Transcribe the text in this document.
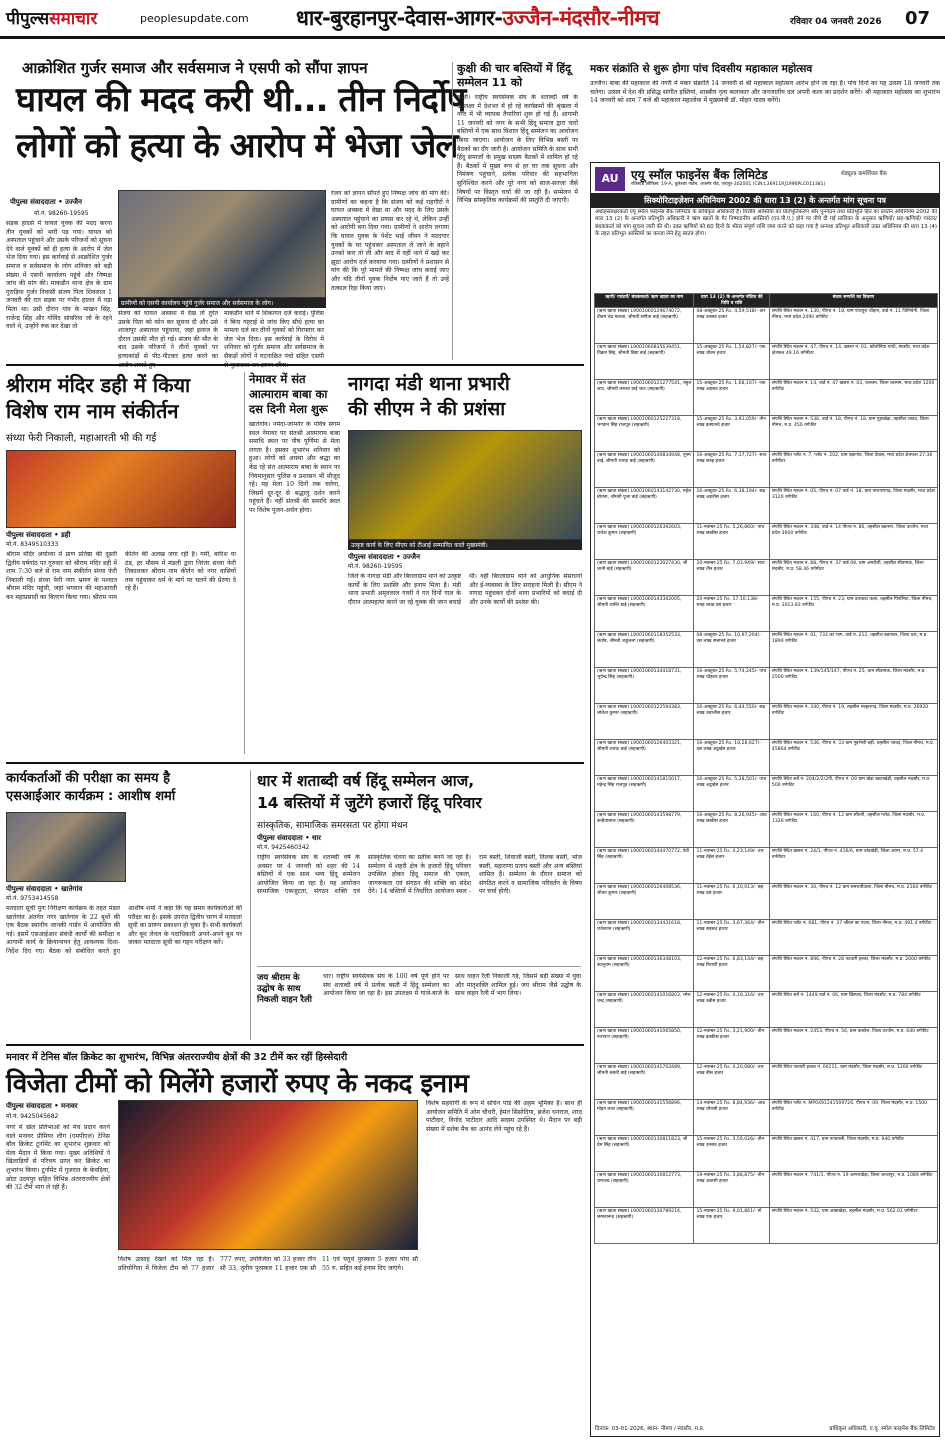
पीपुल्ससमाचार	peoplesupdate.com धार-बुरहानपुर-देवास-आगर-उज्जैन-मंदसौर-नीमच	रविवार 04 जनवरी 2026 07
आक्रोशित गुर्जर समाज और सर्वसमाज ने एसपी को सौंपा ज्ञापन
घायल की मदद करी थी... तीन निर्दोष
लोगों को हत्या के आरोप में भेजा जेल
पीपुल्स संवाददाता • उज्जैन
मो.नं. 98260-19595
ग्रामीणों को एसपी कार्यालय पहुंचे गुर्जर समाज और सर्वसमाज के लोग।
सड़क हादसे में घायल युवक की मदद करना तीन युवकों को भारी पड़ गया। घायल को अस्पताल पहुंचाने और उसके परिजनों को सूचना देने वाले युवकों को ही हत्या के आरोप में जेल भेज दिया गया। इस कार्रवाई से आक्रोशित गुर्जर समाज व सर्वसमाज के लोग शनिवार को बड़ी संख्या में एसपी कार्यालय पहुंचे और निष्पक्ष जांच की मांग की। माकडौन थाना क्षेत्र के ग्राम गुराड़िया गुर्जर निवासी संजय पिता शिवलाल 1 जनवरी की रात सड़क पर गंभीर हालत में पड़ा मिला था। उसी दौरान गांव के माखन सिंह, राजेन्द्र सिंह और गोविंद सांवरिया जो के रहने वाले थे, उन्होंने रुक कर देखा तो
संजय को घायल अवस्था में देख तो तुरंत उसके पिता को फोन कर सूचना दी और उसे शाजापुर अस्पताल पहुंचाया, जहां इलाज के दौरान उसकी मौत हो गई। संजय की मौत के बाद उसके परिजनों ने तीनों युवकों पर हत्याकांड़ों से पीट-पीटकर हत्या करने का
माकडौन थाने में शिकायत दर्ज कराई। पुलिस ने बिना गहराई से जांच किए सीधे हत्या का मामला दर्ज कर तीनों युवकों को गिरफ्तार कर जेल भेज दिया। इस कार्रवाई के विरोध में शनिवार को गुर्जर समाज और सर्वसमाज के सैकड़ों लोगों ने घटनाक्रित पंचो सहित एसपी
रंजन को ज्ञापन सौंपते हुए निष्पक्ष जांच की मांग की। ग्रामीणों का कहना है कि संजय को कई राहगीरों ने घायल अवस्था में देखा था और मदद के लिए उसके अस्पताल पहुंचाने का प्रयास कर रहे थे, लेकिन उन्हीं को आरोपी बना दिया गया। ग्रामीणों ने आरोप लगाया कि घायल युवक के पेशेंट भाई जीवन ने मददगार युवकों के घर पहुंचकर अस्पताल ले जाने के बहाने उनको कार तो ली और बाद में वहीं थाने में खड़े कर झूठा आरोप दर्ज करवाया गया। ग्रामीणों ने प्रशासन से मांग की कि पूरे मामले की निष्पक्ष जांच कराई जाए और यदि तीनों युवक निर्दोष पाए जाते हैं तो उन्हें तत्काल रिहा किया जाए।
कुक्षी की चार बस्तियों में हिंदू सम्मेलन 11 को
कुक्षी। राष्ट्रीय स्वयंसेवक संघ के शताब्दी वर्ष के उपलक्ष्य में देशभर में हो रहे कार्यक्रमों की श्रृंखला में नगर में भी व्यापक तैयारियां शुरू हो गई हैं। आगामी 11 जनवरी को नगर के सभी हिंदू समाज द्वारा चारों बस्तियों में एक साथ विशाल हिंदू सम्मेलन का आयोजन किया जाएगा। आयोजन के लिए विभिन्न बस्ती पर बैठकों का दौर जारी है। आयोजन समिति के साथ सभी हिंदू समाजों के प्रमुख सदस्य बैठकों में शामिल हो रहे हैं। बैठकों में मुख्य रूप से हर घर तक सूचना और निमंत्रण पहुंचाने, प्रत्येक परिवार की सहभागिता सुनिश्चित करने और पूरे नगर को साज-सज्जा जैसे विषयों पर विस्तृत चर्चा की जा रही है। सम्मेलन में विभिन्न सांस्कृतिक कार्यक्रमों की प्रस्तुति दी जाएगी।
मकर संक्रांति से शुरू होगा पांच दिवसीय महाकाल महोत्सव
उज्जैन। बाबा की महाकाल की नगरी में मकर संक्रांति 14 जनवरी से श्री महाकाल महोत्सव आरंभ होने जा रहा है। पांच दिनों का यह उत्सव 18 जनवरी तक चलेगा। उत्सव में देश की प्रसिद्ध सांगीत हस्तियां, शास्त्रीय नृत्य कलाकार और जनजातीय दल अपनी कला का प्रदर्शन करेंगे। श्री महाकाल महोत्सव का शुभारंभ 14 जनवरी को शाम 7 बजे श्री महाकाल महालोक में मुख्यमंत्री डॉ. मोहन यादव करेंगे।
AU	एयू स्मॉल फाइनेंस बैंक लिमिटेड	शेड्यूल्ड कमर्शियल बैंक
रजिस्टर्ड ऑफिस: 19-A, धुलेश्वर गार्डन, अजमेर रोड, जयपुर-302001 (CIN:L36911RJ1996PLC011381)
सिक्योरिटाइज़ेशन अधिनियम 2002 की धारा 13 (2) के अन्तर्गत मांग सूचना पत्र
अधोहस्ताक्षरकर्ता एयू स्मॉल फाइनेंस बैंक लिमिटेड के प्राधिकृत अधिकारी है। वित्तीय आस्तियों का प्रतिभूतिकरण और पुनर्गठन तथा प्रतिभूति हित का प्रवर्तन अधिनियम 2002 की धारा 13 (2) के अन्तर्गत प्रतिभूति अधिकारी ने ऋण खातों के गैर निष्पादनीय आस्तियों (एन.पी.ए.) होने पर नीचे दी गई तालिका के अनुसार ऋणियों/ सह-ऋणियों/ गारंटर/ बंधककर्ता को मांग सूचना जारी की थी। उक्त ऋणियों को 60 दिनों के भीतर संपूर्ण राशि जमा करने को कहा गया है अन्यथा प्रतिभूत अधिकारी उक्त अधिनियम की धारा 13 (4) के तहत प्रतिभूत आस्तियों का कब्जा लेने हेतु स्वतंत्र होगा।
ऋणी/ गारंटरों/ बंधककर्ता/ ऋण खाता का नाम	धारा 13 (2) के अन्तर्गत नोटिस की तिथि व राशि	बंधक सम्पत्ति का विवरण
(ऋण खाता संख्या) L9001060129674072, प्रीतम चंद्र मालवा, श्रीमती संगीता बाई (सहऋणी)	08-अक्टूबर-25 Rs. 4,59,518/- चार लाख उनसठ हजार	संपत्ति स्थित मकान नं. 130, पीएच नं. 18, ग्राम पांचपुरा चौहान, वार्ड नं. 11 जिनियेगी, जिला नीमच, मध्य प्रदेश 2490 वर्गफीट
(ऋण खाता संख्या) L9001060835639451, विक्रम सिंह, श्रीमती विद्या बाई (सहऋणी)	15-अक्टूबर-25 Rs. 1,54,827/- एक लाख चौवन हजार	संपत्ति स्थित मकान नं. 47, पीएच नं. 14, खसरा नं. 03, कॉलोनिया गांधी, मंदसौर, मध्य प्रदेश क्षेत्रफल 49.16 वर्गमीटर
(ऋण खाता संख्या) L9001060121277541, राहुल जाट, श्रीमती कमला बाई जाट (सहऋणी)	15-अक्टूबर-25 Rs. 1,68,107/- एक लाख अड़सठ हजार	संपत्ति स्थित मकान नं. 14, वार्ड नं. 47 खसरा नं. 03, रतलाम, जिला रतलाम, मध्य प्रदेश 1200 वर्गफीट
(ऋण खाता संख्या) L9001060125227318, भगवान सिंह राजपूत (सहऋणी)	15-अक्टूबर-25 Rs. 3,91,059/- तीन लाख इक्यानवे हजार	संपत्ति स्थित मकान नं. 536, वार्ड नं. 18, पीएच नं. 18, ग्राम गुड़ाखेड़ा, तहसील जावद, जिला नीमच, म.प्र. 456 वर्गफीट
(ऋण खाता संख्या) L9001060140834948, पूनम बाई, श्रीमती शारदा बाई (सहऋणी)	16-अक्टूबर-25 Rs. 7,17,727/- सात लाख सत्रह हजार	संपत्ति स्थित प्लॉट नं. 7, प्लॉट नं. 202, ग्राम बड़ागांव, जिला देवास, मध्य प्रदेश क्षेत्रफल 27.36 वर्गमीटर
(ऋण खाता संख्या) L9001060143142730, महेश बोराना, श्रीमती पूजा बाई (सहऋणी)	16-अक्टूबर-25 Rs. 6,38,194/- छह लाख अड़तीस हजार	संपत्ति स्थित मकान नं. 05, पीएच नं. 07 वार्ड नं. 18, ग्राम नारायणगढ़, जिला मंदसौर, मध्य प्रदेश 3120 वर्गफीट
(ऋण खाता संख्या) L9001060126392603, राजेश कुमार (सहऋणी)	11-नवम्बर-25 Rs. 5,26,860/- पांच लाख छब्बीस हजार	संपत्ति स्थित मकान नं. 348, वार्ड नं. 14 पीएच नं. 80, तहसील बड़नगर, जिला उज्जैन, मध्य प्रदेश 3600 वर्गफीट
(ऋण खाता संख्या) L9001060122027430, श्री शानी बाई (सहऋणी)	20-नवम्बर-25 Rs. 7,03,949/- सात लाख तीन हजार	संपत्ति स्थित मकान नं. 88, पीएच नं. 37 वार्ड 09, ग्राम अमरौली, तहसील सीतामऊ, जिला मंदसौर, म.प्र. 58.46 वर्गमीटर
(ऋण खाता संख्या) L9001060143302005, श्रीमती शान्ति बाई (सहऋणी)	20-नवम्बर-25 Rs. 17,10,138/- सत्रह लाख दस हजार	संपत्ति स्थित मकान नं. 155, पीएच नं. 23, ग्राम दलावदा कलां, तहसील पिपलिया, जिला नीमच, म.प्र. 3013.83 वर्गफीट
(ऋण खाता संख्या) L9001060118352533, संतोष, श्रीमती शकुंतला (सहऋणी)	08-अक्टूबर-25 Rs. 10,97,204/- दस लाख सत्तानवे हजार	संपत्ति स्थित मकान नं. 01, 733 का भाग, वार्ड नं. 212, तहसील बदनावर, जिला धार, म.प्र. 1890 वर्गफीट
(ऋण खाता संख्या) L9001060134418731, भूपेन्द्र सिंह (सहऋणी)	16-अक्टूबर-25 Rs. 5,74,245/- पांच लाख चौहत्तर हजार	संपत्ति स्थित मकान नं. 139/145/147, पीएच नं. 25, ग्राम सीतामऊ, जिला मंदसौर, म.प्र. 2500 वर्गफीट
(ऋण खाता संख्या) L9001060122594383, लोकेश कुमार (सहऋणी)	16-अक्टूबर-25 Rs. 6,44,550/- छह लाख चवालीस हजार	संपत्ति स्थित मकान नं. 340, पीएच नं. 19, तहसील मल्हारगढ़, जिला मंदसौर, म.प्र. 26920 वर्गफीट
(ऋण खाता संख्या) L9001060126403321, श्रीमती शारदा बाई (सहऋणी)	16-अक्टूबर-25 Rs. 10,28,627/- दस लाख अट्ठाईस हजार	संपत्ति स्थित मकान नं. 536, पीएच नं. 33 ग्राम गुड़भेली बड़ी, तहसील जावद, जिला नीमच, म.प्र. 45864 वर्गफीट
(ऋण खाता संख्या) L9001060141815017, महेन्द्र सिंह राजपूत (सहऋणी)	16-अक्टूबर-25 Rs. 5,28,501/- पांच लाख अट्ठाईस हजार	संपत्ति स्थित सर्वे नं. 204/2/2/2पी, पीएच नं. 09 ग्राम खेड़ा खाटाखेड़ी, तहसील मंदसौर, म.प्र. 500 वर्गफीट
(ऋण खाता संख्या) L9001060143598779, कन्हैयालाल (सहऋणी)	16-अक्टूबर-25 Rs. 8,26,945/- आठ लाख छब्बीस हजार	संपत्ति स्थित मकान नं. 160, पीएच नं. 12 ग्राम सौंधनी, तहसील गरोठ, जिला मंदसौर, म.प्र. 1326 वर्गफीट
(ऋण खाता संख्या) L9001060144470772, देवी सिंह (सहऋणी)	11-नवम्बर-25 Rs. 4,23,149/- चार लाख तेईस हजार	संपत्ति स्थित खसरा नं. 24/1, पीएच नं. 416/6, ग्राम चांदखेड़ी, जिला आगर, म.प्र. 57.4 वर्गमीटर
(ऋण खाता संख्या) L9001060126408536, जीवन कुमार (सहऋणी)	11-नवम्बर-25 Rs. 6,10,013/- छह लाख दस हजार	संपत्ति स्थित मकान नं. 30, पीएच नं. 12 ग्राम समरातीवाला, जिला नीमच, म.प्र. 2160 वर्गफीट
(ऋण खाता संख्या) L9001060134431618, राधेश्याम (सहऋणी)	11-नवम्बर-25 Rs. 3,67,364/- तीन लाख सड़सठ हजार	संपत्ति स्थित प्लॉट नं. 681, पीएच नं. 37 जीवन का पाला, जिला नीमच, म.प्र. 491.4 वर्गफीट
(ऋण खाता संख्या) L9001060136348103, कालूराम (सहऋणी)	12-नवम्बर-25 Rs. 6,83,144/- छह लाख तिरासी हजार	संपत्ति स्थित मकान नं. 896, पीएच नं. 28 पटवारी हल्का, जिला मंदसौर, म.प्र. 2000 वर्गफीट
(ऋण खाता संख्या) L9001060141016803, रमेश चन्द्र (सहऋणी)	12-नवम्बर-25 Rs. 4,19,316/- चार लाख उन्नीस हजार	संपत्ति स्थित सर्वे नं. 1449 वार्ड नं. 06, ग्राम खिमला, जिला मंदसौर, म.प्र. 784 वर्गफीट
(ऋण खाता संख्या) L9001060141065850, नारायण (सहऋणी)	12-नवम्बर-25 Rs. 3,21,900/- तीन लाख इक्कीस हजार	संपत्ति स्थित मकान नं. 2453, पीएच नं. 56, ग्राम ककोल, जिला उज्जैन, म.प्र. 640 वर्गफीट
(ऋण खाता संख्या) L9001060141703489, श्रीमती बसंती बाई (सहऋणी)	12-नवम्बर-25 Rs. 4,20,080/- चार लाख बीस हजार	संपत्ति स्थित पटवारी हल्का नं. 00111, ग्राम मंदसौर, जिला मंदसौर, म.प्र. 1200 वर्गफीट
(ऋण खाता संख्या) L9001060141556896, मोहन लाल (सहऋणी)	14-नवम्बर-25 Rs. 8,84,936/- आठ लाख चौरासी हजार	संपत्ति स्थित प्लॉट नं. MP0491241509726, पीएच नं. 09, जिला मंदसौर, म.प्र. 1500 वर्गफीट
(ऋण खाता संख्या) L9001060130811823, श्री प्रेम सिंह (सहऋणी)	15-नवम्बर-25 Rs. 3,59,026/- तीन लाख उनसठ हजार	संपत्ति स्थित खसरा नं. 417, ग्राम रूपावली, जिला मंदसौर, म.प्र. 940 वर्गफीट
(ऋण खाता संख्या) L9001060130812773, रामचन्द्र (सहऋणी)	19-नवम्बर-25 Rs. 3,88,875/- तीन लाख अठासी हजार	संपत्ति स्थित मकान नं. 741/1, पीएच नं. 19 आगराखेड़ा, जिला शाजापुर, म.प्र. 1089 वर्गफीट
(ऋण खाता संख्या) L9001060130789214, समानानन्द (सहऋणी)	15-नवम्बर-25 Rs. 9,01,861/- नौ लाख एक हजार	संपत्ति स्थित मकान नं. 532, ग्राम आंबाखेड़ा, तहसील मंदसौर, म.प्र. 562.01 वर्गमीटर
दिनांक: 03-01-2026, स्थान- नीमच / मंदसौर, म.प्र.	प्राधिकृत अधिकारी, ए.यू. स्मॉल फाइनेंस बैंक लिमिटेड
श्रीराम मंदिर डही में किया
विशेष राम नाम संकीर्तन
संध्या फेरी निकाली, महाआरती भी की गई
पीपुल्स संवाददाता • डही
मो.नं. 8349510333
श्रीराम मंदिर अयोध्या में प्राण प्रतिष्ठा की दूसरी द्वितीय वर्षगांठ पर गुरुवार को श्रीराम मंदिर डही में शाम 7:30 बजे से राम नाम संकीर्तन संध्या फेरी निकाली गई। संध्या फेरी नगर भ्रमण के पश्चात श्रीराम मंदिर पहुंची, जहां भगवान की महाआरती कर महाप्रसादी का वितरण किया गया। श्रीराम नाम कीर्तन की अलख जगा रही है। गर्मी, बारिश या ठंड, हर मौसम में मंडली द्वारा निरंतर संध्या फेरी निकालकर श्रीराम नाम कीर्तन को नगर वासियों तक पहुंचाकर धर्म के मार्ग पर चलने की प्रेरणा दे रहे हैं।
नेमावर में संत आत्माराम बाबा का दस दिनी मेला शुरू
खातेगांव। नर्मदा-जामनेर के पवित्र संगम स्थल नेमावर पर संतश्री आत्माराम बाबा समाधि स्थल पर पौष पूर्णिमा से मेला लगता है। इसका शुभारंभ शनिवार को हुआ। लोगों को आस्था और श्रद्धा का केंद्र रहे संत आत्माराम बाबा के स्थान पर नियमानुसार पुलिस व प्रशासन भी मौजूद रहे। यह मेला 10 दिनों तक चलेगा, जिसमें दूर-दूर से श्रद्धालु दर्शन करने पहुंचते हैं। वहीं संतश्री की समाधि स्थल पर विशेष पूजन-अर्चन होगा।
नागदा मंडी थाना प्रभारी
की सीएम ने की प्रशंसा
उत्कृष्ट कार्य के लिए सीएम को टीआई सम्मानित करते मुख्यमंत्री।
पीपुल्स संवाददाता • उज्जैन
मो.नं. 98260-19595
जिले के नागदा मंडी और बिरलाग्राम थाने को उत्कृष्ट कार्यों के लिए प्रशस्ति और इनाम मिला है। मंडी थाना प्रभारी अमृतलाल गवरी ने गत दिनों गाल के दौरान आत्महत्या करने जा रहे युवक की जान बचाई थी। वहीं बिरलाग्राम थाने को आधुनिक संसाधनों और ई-व्यवस्था के लिए सराहना मिली है। सीएम ने नागदा पहुंचकर दोनों थाना प्रभारियों को बधाई दी और उनके कार्यों की प्रशंसा की।
कार्यकर्ताओं की परीक्षा का समय है
एसआईआर कार्यक्रम : आशीष शर्मा
पीपुल्स संवाददाता • खातेगांव
मो.नं. 9753414558
मतदाता सूची पुनः निरीक्षण कार्यक्रम के तहत मंडल खातेगांव अंतर्गत नगर खातेगांव के 22 बूथों की एक बैठक स्थानीय जानकी गार्डन में आयोजित की गई। इसमें एसआईआर संबंधी कार्यों की समीक्षा व आगामी कार्य के क्रियान्वयन हेतु आवश्यक दिशा-निर्देश दिए गए। बैठक को संबोधित करते हुए आशीष शर्मा ने कहा कि यह समय कार्यकर्ताओं की परीक्षा का है। इसके उपरांत द्वितीय चरण में मतदाता सूची का प्रारूप प्रकाशन हो चुका है। सभी कार्यकर्ता और बूथ लेवल के पदाधिकारी अपने-अपने बूथ पर जाकर मतदाता सूची का गहन परीक्षण करें।
धार में शताब्दी वर्ष हिंदू सम्मेलन आज,
14 बस्तियों में जुटेंगे हजारों हिंदू परिवार
सांस्कृतिक, सामाजिक समरसता पर होगा मंथन
पीपुल्स संवाददाता • धार
मो.नं. 9425460342
राष्ट्रीय स्वयंसेवक संघ के शताब्दी वर्ष के अवसर पर 4 जनवरी को शहर की 14 बस्तियों में एक साथ भव्य हिंदू सम्मेलन आयोजित किया जा रहा है। यह आयोजन सामाजिक एकजुटता, संगठन शक्ति एवं सांस्कृतिक चेतना का प्रतीक बनने जा रहा है। सम्मेलन में शहरी क्षेत्र के हजारों हिंदू परिवार उपस्थित होकर हिंदू समाज की एकता, जागरूकता एवं संगठन की शक्ति का संदेश देंगे। 14 बस्तियों में निर्धारित आयोजन स्थल - राम बस्ती, शिवाजी बस्ती, तिलक बस्ती, भोज बस्ती, महाराणा प्रताप बस्ती और अन्य बस्तियां शामिल हैं। सम्मेलन के दौरान समाज को संगठित करने व सामाजिक परिवर्तन के विषय पर चर्चा होगी।
जय श्रीराम के उद्घोष के साथ निकली वाहन रैली
धार। राष्ट्रीय स्वयंसेवक संघ के 100 वर्ष पूर्ण होने पर संघ शताब्दी वर्ष में प्रत्येक बस्ती में हिंदू सम्मेलन का आयोजन किया जा रहा है। इस उपलक्ष्य में गाजे-बाजे के साथ वाहन रैली निकाली गई, जिसमें बड़ी संख्या में युवा और मातृशक्ति शामिल हुई। जय श्रीराम जैसे उद्घोष के साथ वाहन रैली में भाग लिया।
मनावर में टेनिस बॉल क्रिकेट का शुभारंभ, विभिन्न अंतरराज्यीय क्षेत्रों की 32 टीमें कर रहीं हिस्सेदारी
विजेता टीमों को मिलेंगे हजारों रुपए के नकद इनाम
पीपुल्स संवाददाता • मनावर
मो.नं. 9425045682
नगर में खेल प्रतिभाओं को मंच प्रदान करने वाले मनावर प्रीमियर लीग (एमपीएल) टेनिस बॉल क्रिकेट टूर्नामेंट का शुभारंभ शुक्रवार को मेला मैदान में किया गया। मुख्य अतिथियों ने खिलाड़ियों से परिचय प्राप्त कर क्रिकेट का शुभारंभ किया। टूर्नामेंट में गुजरात के केवड़िया, छोटा उदयपुर सहित विभिन्न अंतरराज्यीय क्षेत्रों की 32 टीमें भाग ले रही हैं।
विशेष उत्साह देखने को मिल रहा है। प्रतियोगिता में विजेता टीम को 77 हजार 777 रुपए, उपविजेता को 33 हजार तीन सौ 33, तृतीय पुरस्कार 11 हजार एक सौ 11 एवं चतुर्थ पुरस्कार 5 हजार पांच सौ 55 रु. सहित कई इनाम दिए जाएंगे।
विशेष सहयोगी के रूप में सचिन पांडे की अहम भूमिका है। साथ ही आयोजन समिति में ओम चौधरी, हेमंत सिसोदिया, ब्रजेश धनराज, शरद पाटीदार, विनोद पाटीदार आदि सदस्य उपस्थित थे। मैदान पर बड़ी संख्या में दर्शक मैच का आनंद लेने पहुंच रहे हैं।
